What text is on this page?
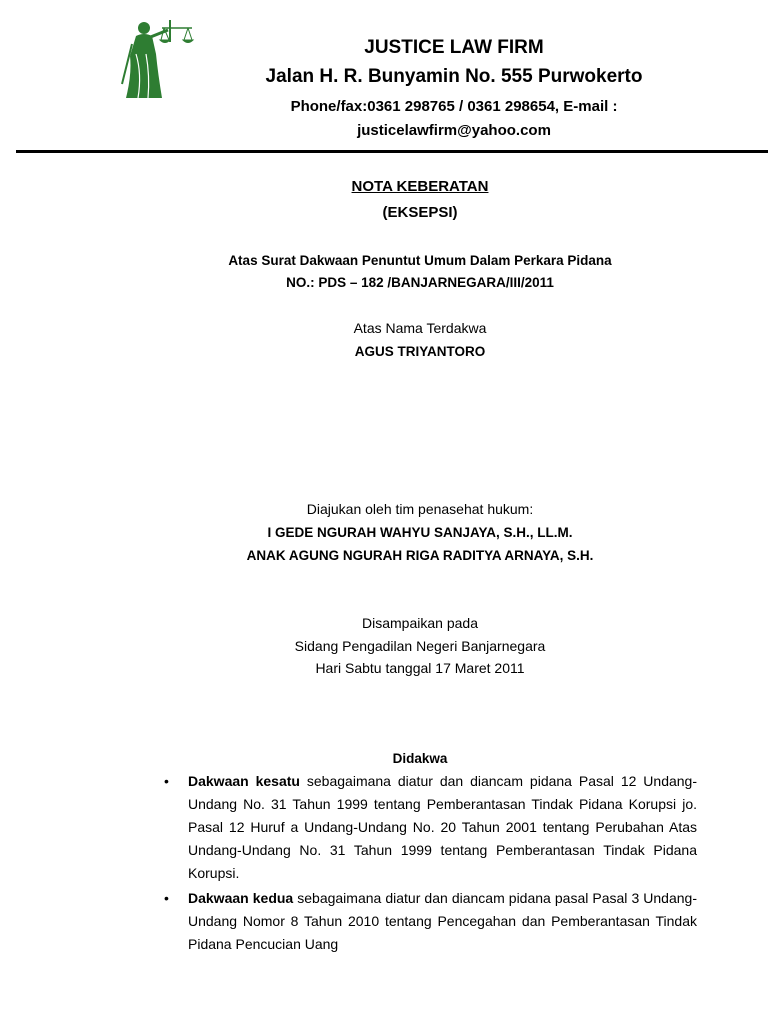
JUSTICE LAW FIRM
Jalan H. R. Bunyamin No. 555 Purwokerto
Phone/fax:0361 298765 / 0361 298654, E-mail :
justicelawfirm@yahoo.com
NOTA KEBERATAN
(EKSEPSI)
Atas Surat Dakwaan Penuntut Umum Dalam Perkara Pidana
NO.: PDS – 182 /BANJARNEGARA/III/2011
Atas Nama Terdakwa
AGUS TRIYANTORO
Diajukan oleh tim penasehat hukum:
I GEDE NGURAH WAHYU SANJAYA, S.H., LL.M.
ANAK AGUNG NGURAH RIGA RADITYA ARNAYA, S.H.
Disampaikan pada
Sidang Pengadilan Negeri Banjarnegara
Hari Sabtu tanggal 17 Maret 2011
Didakwa
• Dakwaan kesatu sebagaimana diatur dan diancam pidana Pasal 12 Undang-Undang No. 31 Tahun 1999 tentang Pemberantasan Tindak Pidana Korupsi jo. Pasal 12 Huruf a Undang-Undang No. 20 Tahun 2001 tentang Perubahan Atas Undang-Undang No. 31 Tahun 1999 tentang Pemberantasan Tindak Pidana Korupsi.
• Dakwaan kedua sebagaimana diatur dan diancam pidana pasal Pasal 3 Undang-Undang Nomor 8 Tahun 2010 tentang Pencegahan dan Pemberantasan Tindak Pidana Pencucian Uang
